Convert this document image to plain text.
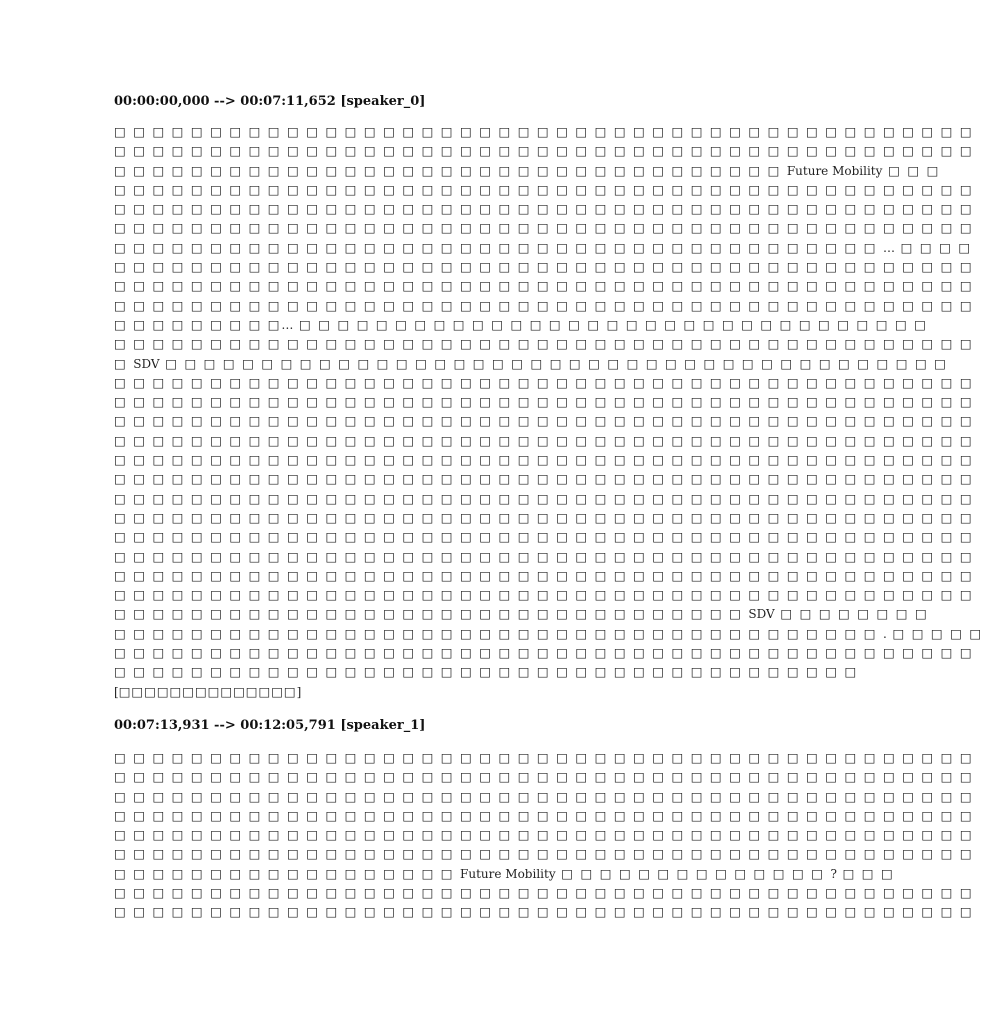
00:00:00,000 --> 00:07:11,652 [speaker_0]
□ □ □ □ □ □ □ □ □ □ □ □ □ □ □ □ □ □ □ □ □ □ □ □ □ □ □ □ □ □ □ □ □ □ □ □ □ □ □ □ □ □ □ □ □
□ □ □ □ □ □ □ □ □ □ □ □ □ □ □ □ □ □ □ □ □ □ □ □ □ □ □ □ □ □ □ □ □ □ □ □ □ □ □ □ □ □ □ □ □
□ □ □ □ □ □ □ □ □ □ □ □ □ □ □ □ □ □ □ □ □ □ □ □ □ □ □ □ □ □ □ □ □ □ □ Future Mobility □ □ □
□ □ □ □ □ □ □ □ □ □ □ □ □ □ □ □ □ □ □ □ □ □ □ □ □ □ □ □ □ □ □ □ □ □ □ □ □ □ □ □ □ □ □ □ □
□ □ □ □ □ □ □ □ □ □ □ □ □ □ □ □ □ □ □ □ □ □ □ □ □ □ □ □ □ □ □ □ □ □ □ □ □ □ □ □ □ □ □ □ □
□ □ □ □ □ □ □ □ □ □ □ □ □ □ □ □ □ □ □ □ □ □ □ □ □ □ □ □ □ □ □ □ □ □ □ □ □ □ □ □ □ □ □ □ □
□ □ □ □ □ □ □ □ □ □ □ □ □ □ □ □ □ □ □ □ □ □ □ □ □ □ □ □ □ □ □ □ □ □ □ □ □ □ □ □ … □ □ □ □
□ □ □ □ □ □ □ □ □ □ □ □ □ □ □ □ □ □ □ □ □ □ □ □ □ □ □ □ □ □ □ □ □ □ □ □ □ □ □ □ □ □ □ □ □
□ □ □ □ □ □ □ □ □ □ □ □ □ □ □ □ □ □ □ □ □ □ □ □ □ □ □ □ □ □ □ □ □ □ □ □ □ □ □ □ □ □ □ □ □
□ □ □ □ □ □ □ □ □ □ □ □ □ □ □ □ □ □ □ □ □ □ □ □ □ □ □ □ □ □ □ □ □ □ □ □ □ □ □ □ □ □ □ □ □
□ □ □ □ □ □ □ □ □… □ □ □ □ □ □ □ □ □ □ □ □ □ □ □ □ □ □ □ □ □ □ □ □ □ □ □ □ □ □ □ □ □
□ □ □ □ □ □ □ □ □ □ □ □ □ □ □ □ □ □ □ □ □ □ □ □ □ □ □ □ □ □ □ □ □ □ □ □ □ □ □ □ □ □ □ □ □
□ SDV □ □ □ □ □ □ □ □ □ □ □ □ □ □ □ □ □ □ □ □ □ □ □ □ □ □ □ □ □ □ □ □ □ □ □ □ □ □ □ □ □
□ □ □ □ □ □ □ □ □ □ □ □ □ □ □ □ □ □ □ □ □ □ □ □ □ □ □ □ □ □ □ □ □ □ □ □ □ □ □ □ □ □ □ □ □
□ □ □ □ □ □ □ □ □ □ □ □ □ □ □ □ □ □ □ □ □ □ □ □ □ □ □ □ □ □ □ □ □ □ □ □ □ □ □ □ □ □ □ □ □
□ □ □ □ □ □ □ □ □ □ □ □ □ □ □ □ □ □ □ □ □ □ □ □ □ □ □ □ □ □ □ □ □ □ □ □ □ □ □ □ □ □ □ □ □
□ □ □ □ □ □ □ □ □ □ □ □ □ □ □ □ □ □ □ □ □ □ □ □ □ □ □ □ □ □ □ □ □ □ □ □ □ □ □ □ □ □ □ □ □
□ □ □ □ □ □ □ □ □ □ □ □ □ □ □ □ □ □ □ □ □ □ □ □ □ □ □ □ □ □ □ □ □ □ □ □ □ □ □ □ □ □ □ □ □
□ □ □ □ □ □ □ □ □ □ □ □ □ □ □ □ □ □ □ □ □ □ □ □ □ □ □ □ □ □ □ □ □ □ □ □ □ □ □ □ □ □ □ □ □
□ □ □ □ □ □ □ □ □ □ □ □ □ □ □ □ □ □ □ □ □ □ □ □ □ □ □ □ □ □ □ □ □ □ □ □ □ □ □ □ □ □ □ □ □
□ □ □ □ □ □ □ □ □ □ □ □ □ □ □ □ □ □ □ □ □ □ □ □ □ □ □ □ □ □ □ □ □ □ □ □ □ □ □ □ □ □ □ □ □
□ □ □ □ □ □ □ □ □ □ □ □ □ □ □ □ □ □ □ □ □ □ □ □ □ □ □ □ □ □ □ □ □ □ □ □ □ □ □ □ □ □ □ □ □
□ □ □ □ □ □ □ □ □ □ □ □ □ □ □ □ □ □ □ □ □ □ □ □ □ □ □ □ □ □ □ □ □ □ □ □ □ □ □ □ □ □ □ □ □
□ □ □ □ □ □ □ □ □ □ □ □ □ □ □ □ □ □ □ □ □ □ □ □ □ □ □ □ □ □ □ □ □ □ □ □ □ □ □ □ □ □ □ □ □
□ □ □ □ □ □ □ □ □ □ □ □ □ □ □ □ □ □ □ □ □ □ □ □ □ □ □ □ □ □ □ □ □ □ □ □ □ □ □ □ □ □ □ □ □
□ □ □ □ □ □ □ □ □ □ □ □ □ □ □ □ □ □ □ □ □ □ □ □ □ □ □ □ □ □ □ □ □ SDV □ □ □ □ □ □ □ □
□ □ □ □ □ □ □ □ □ □ □ □ □ □ □ □ □ □ □ □ □ □ □ □ □ □ □ □ □ □ □ □ □ □ □ □ □ □ □ □ . □ □ □ □ □
□ □ □ □ □ □ □ □ □ □ □ □ □ □ □ □ □ □ □ □ □ □ □ □ □ □ □ □ □ □ □ □ □ □ □ □ □ □ □ □ □ □ □ □ □
□ □ □ □ □ □ □ □ □ □ □ □ □ □ □ □ □ □ □ □ □ □ □ □ □ □ □ □ □ □ □ □ □ □ □ □ □ □ □
[□□□□□□□□□□□□□□]
00:07:13,931 --> 00:12:05,791 [speaker_1]
□ □ □ □ □ □ □ □ □ □ □ □ □ □ □ □ □ □ □ □ □ □ □ □ □ □ □ □ □ □ □ □ □ □ □ □ □ □ □ □ □ □ □ □ □
□ □ □ □ □ □ □ □ □ □ □ □ □ □ □ □ □ □ □ □ □ □ □ □ □ □ □ □ □ □ □ □ □ □ □ □ □ □ □ □ □ □ □ □ □
□ □ □ □ □ □ □ □ □ □ □ □ □ □ □ □ □ □ □ □ □ □ □ □ □ □ □ □ □ □ □ □ □ □ □ □ □ □ □ □ □ □ □ □ □
□ □ □ □ □ □ □ □ □ □ □ □ □ □ □ □ □ □ □ □ □ □ □ □ □ □ □ □ □ □ □ □ □ □ □ □ □ □ □ □ □ □ □ □ □
□ □ □ □ □ □ □ □ □ □ □ □ □ □ □ □ □ □ □ □ □ □ □ □ □ □ □ □ □ □ □ □ □ □ □ □ □ □ □ □ □ □ □ □ □
□ □ □ □ □ □ □ □ □ □ □ □ □ □ □ □ □ □ □ □ □ □ □ □ □ □ □ □ □ □ □ □ □ □ □ □ □ □ □ □ □ □ □ □ □
□ □ □ □ □ □ □ □ □ □ □ □ □ □ □ □ □ □ Future Mobility □ □ □ □ □ □ □ □ □ □ □ □ □ □ ? □ □ □
□ □ □ □ □ □ □ □ □ □ □ □ □ □ □ □ □ □ □ □ □ □ □ □ □ □ □ □ □ □ □ □ □ □ □ □ □ □ □ □ □ □ □ □ □
□ □ □ □ □ □ □ □ □ □ □ □ □ □ □ □ □ □ □ □ □ □ □ □ □ □ □ □ □ □ □ □ □ □ □ □ □ □ □ □ □ □ □ □ □
